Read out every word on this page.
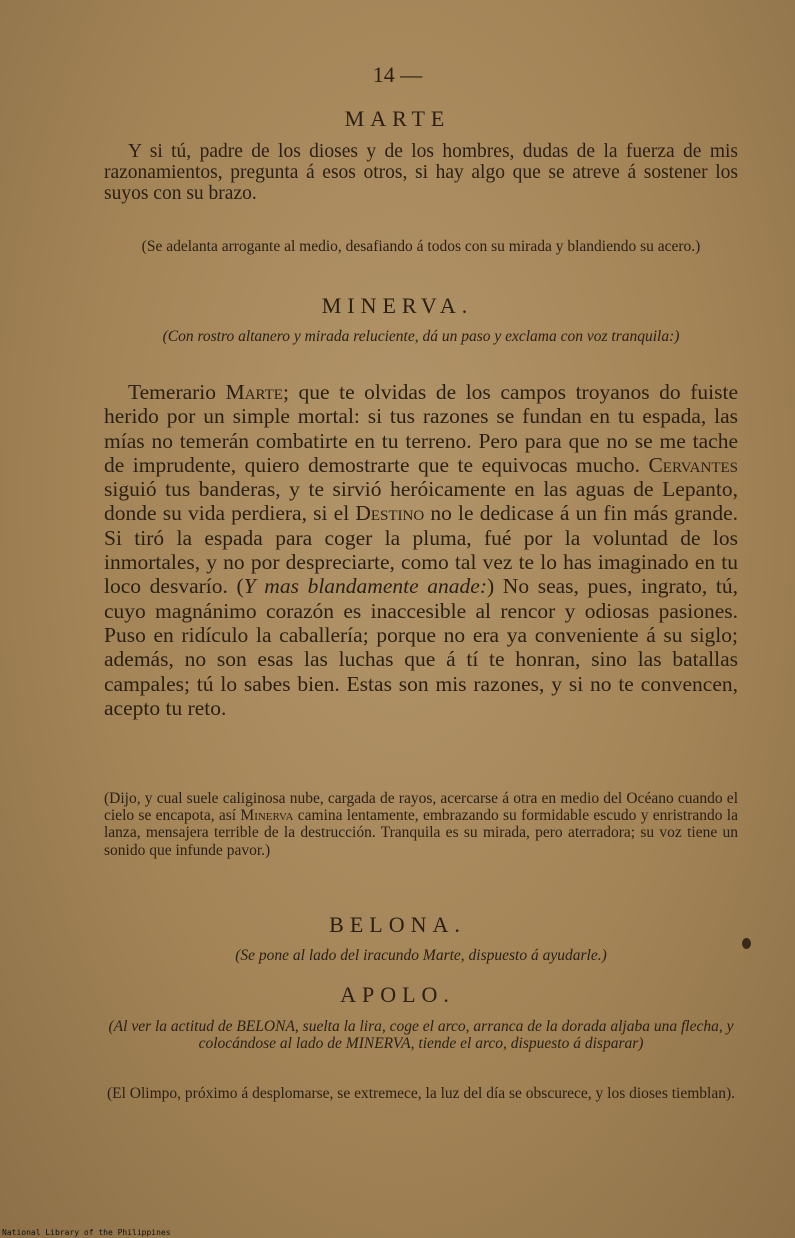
14 —
MARTE

Y si tú, padre de los dioses y de los hombres, dudas de la fuerza de mis razonamientos, pregunta á esos otros, si hay algo que se atreve á sostener los suyos con su brazo.

(Se adelanta arrogante al medio, desafiando á todos con su mirada y blandiendo su acero.)

MINERVA.

(Con rostro altanero y mirada reluciente, dá un paso y exclama con voz tranquila:)

Temerario Marte; que te olvidas de los campos troyanos do fuiste herido por un simple mortal: si tus razones se fundan en tu espada, las mías no temerán combatirte en tu terreno. Pero para que no se me tache de imprudente, quiero demostrarte que te equivocas mucho. Cervantes siguió tus banderas, y te sirvió heróicamente en las aguas de Lepanto, donde su vida perdiera, si el Destino no le dedicase á un fin más grande. Si tiró la espada para coger la pluma, fué por la voluntad de los inmortales, y no por despreciarte, como tal vez te lo has imaginado en tu loco desvarío. (Y mas blandamente anade:) No seas, pues, ingrato, tú, cuyo magnánimo corazón es inaccesible al rencor y odiosas pasiones. Puso en ridículo la caballería; porque no era ya conveniente á su siglo; además, no son esas las luchas que á tí te honran, sino las batallas campales; tú lo sabes bien. Estas son mis razones, y si no te convencen, acepto tu reto.

(Dijo, y cual suele caliginosa nube, cargada de rayos, acercarse á otra en medio del Océano cuando el cielo se encapota, así Minerva camina lentamente, embrazando su formidable escudo y enristrando la lanza, mensajera terrible de la destrucción. Tranquila es su mirada, pero aterradora; su voz tiene un sonido que infunde pavor.)

BELONA.

(Se pone al lado del iracundo Marte, dispuesto á ayudarle.)

APOLO.

(Al ver la actitud de BELONA, suelta la lira, coge el arco, arranca de la dorada aljaba una flecha, y colocándose al lado de MINERVA, tiende el arco, dispuesto á disparar)

(El Olimpo, próximo á desplomarse, se extremece, la luz del día se obscurece, y los dioses tiemblan).

National Library of the Philippines
